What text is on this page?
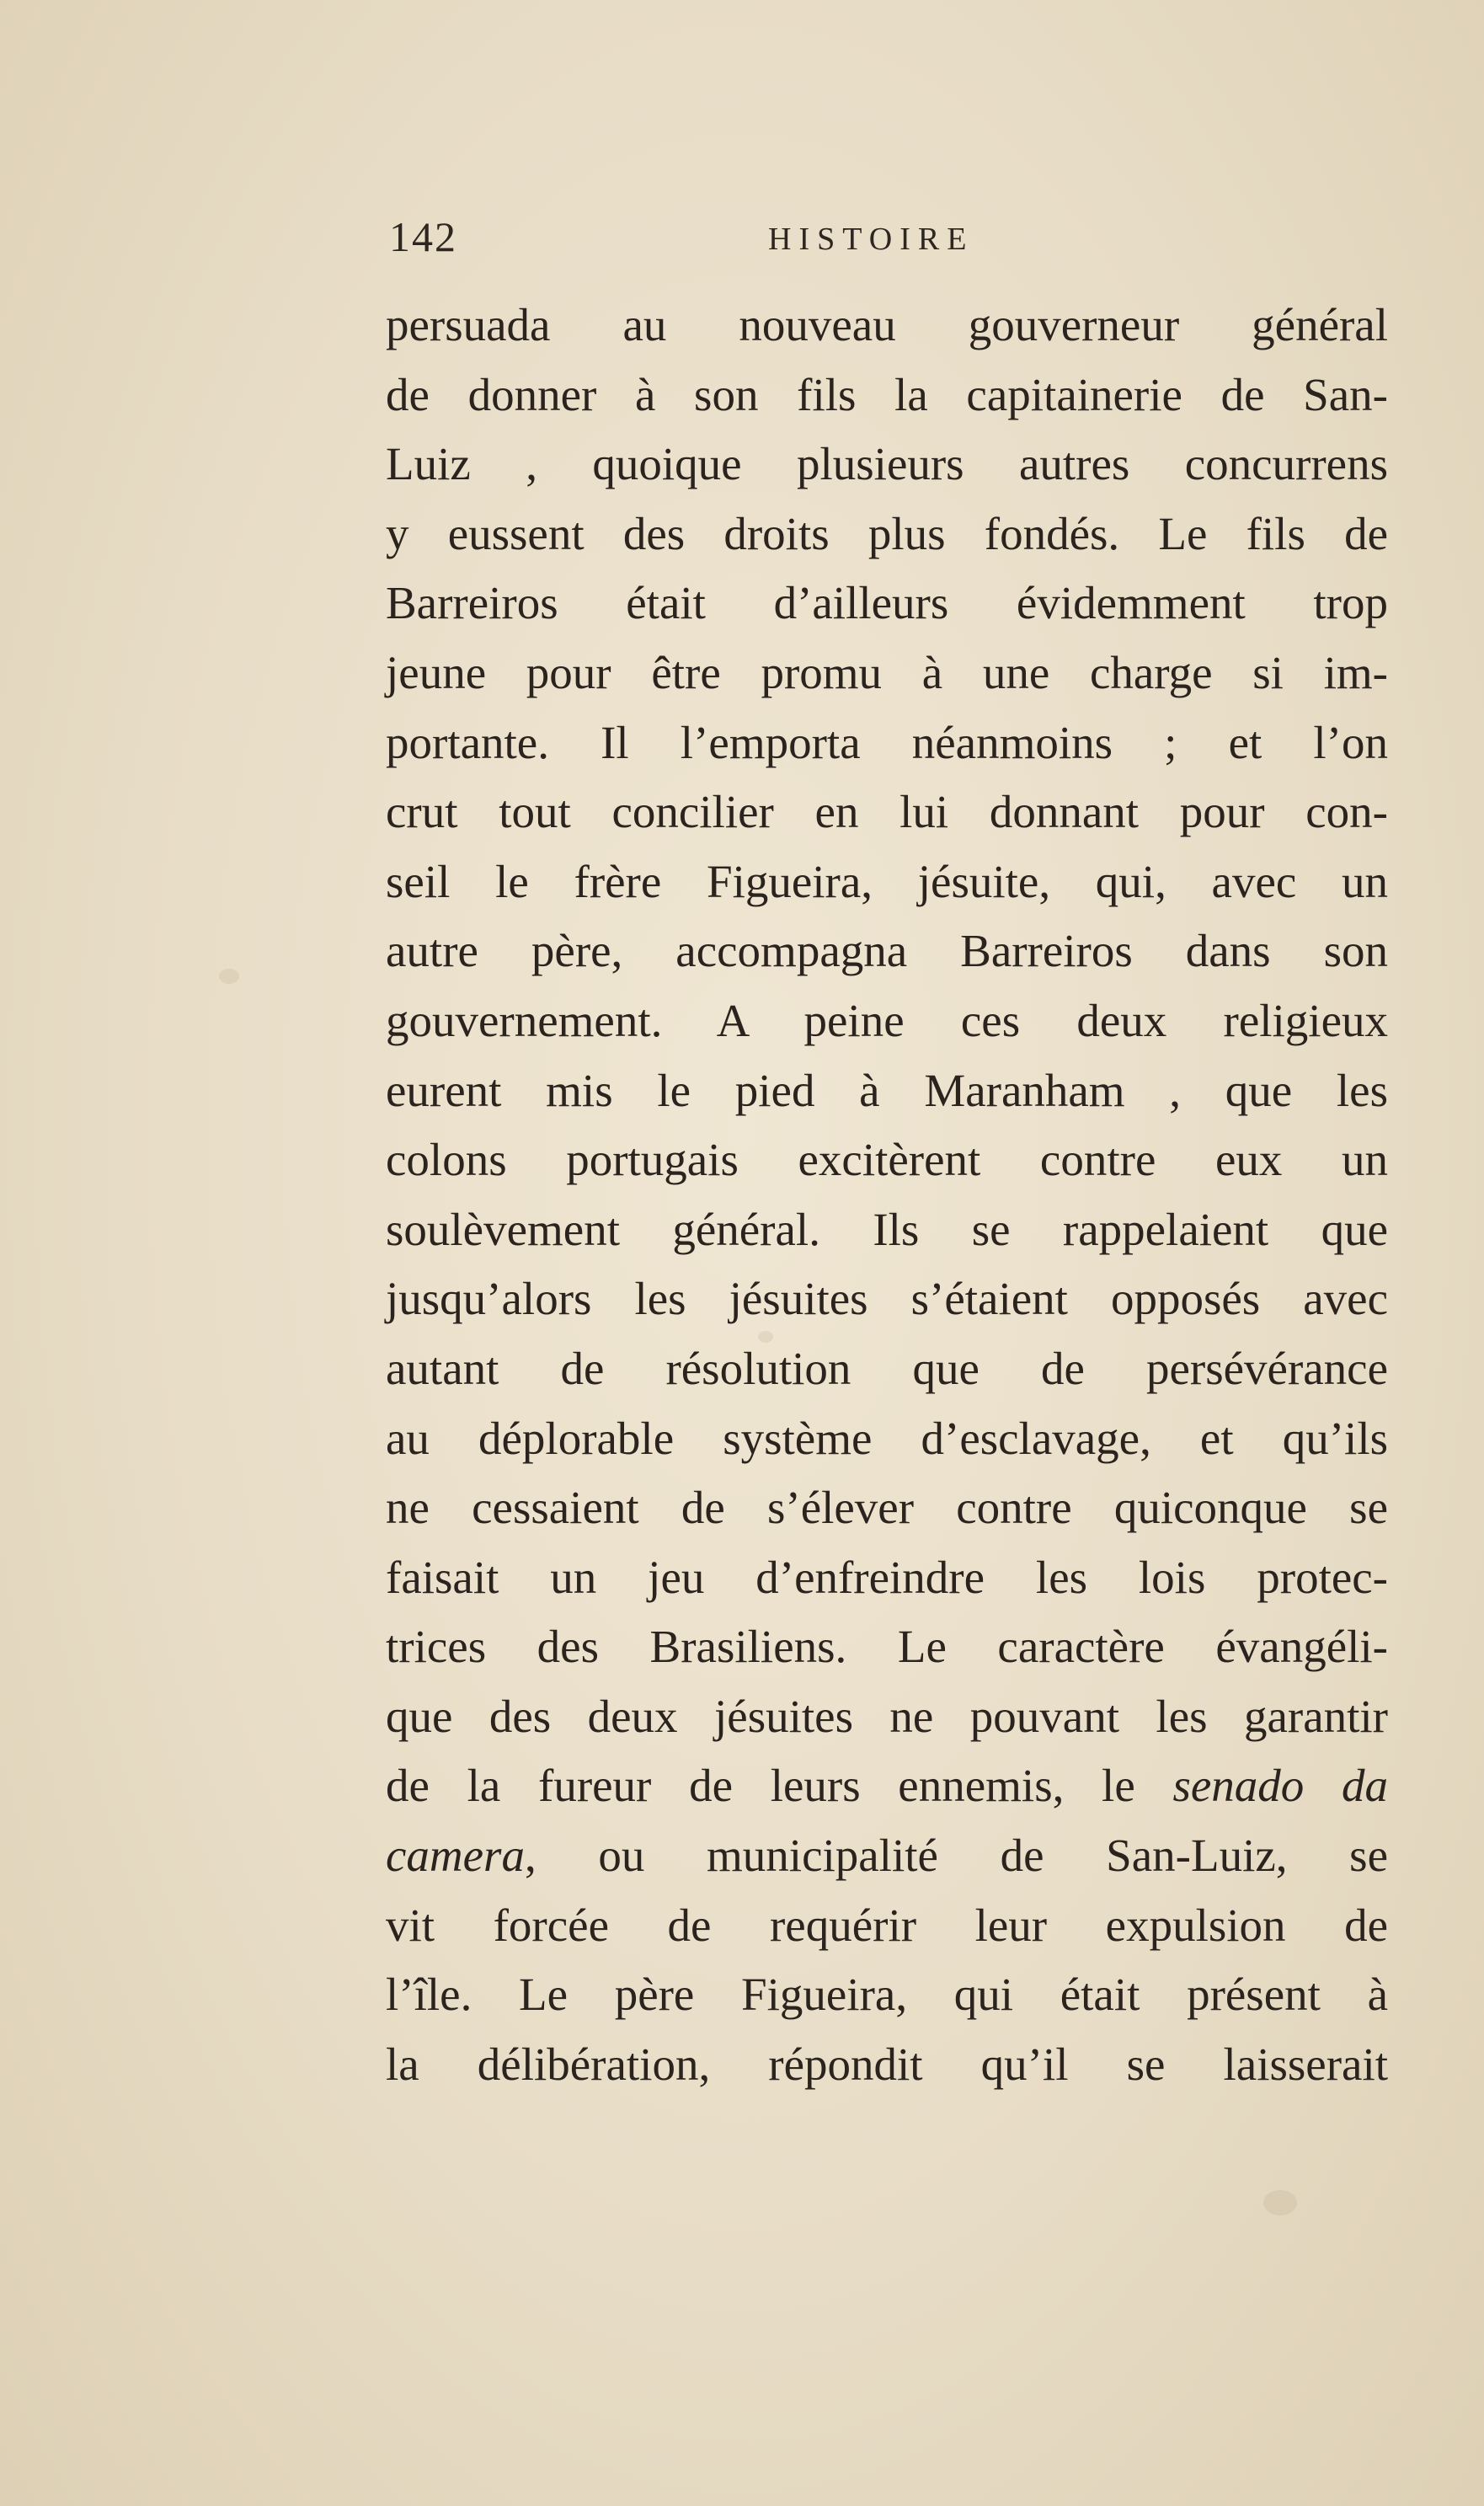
142	HISTOIRE
persuada au nouveau gouverneur général
de donner à son fils la capitainerie de San-
Luiz , quoique plusieurs autres concurrens
y eussent des droits plus fondés. Le fils de
Barreiros était d’ailleurs évidemment trop
jeune pour être promu à une charge si im-
portante. Il l’emporta néanmoins ; et l’on
crut tout concilier en lui donnant pour con-
seil le frère Figueira, jésuite, qui, avec un
autre père, accompagna Barreiros dans son
gouvernement. A peine ces deux religieux
eurent mis le pied à Maranham , que les
colons portugais excitèrent contre eux un
soulèvement général. Ils se rappelaient que
jusqu’alors les jésuites s’étaient opposés avec
autant de résolution que de persévérance
au déplorable système d’esclavage, et qu’ils
ne cessaient de s’élever contre quiconque se
faisait un jeu d’enfreindre les lois protec-
trices des Brasiliens. Le caractère évangéli-
que des deux jésuites ne pouvant les garantir
de la fureur de leurs ennemis, le senado da
camera, ou municipalité de San-Luiz, se
vit forcée de requérir leur expulsion de
l’île. Le père Figueira, qui était présent à
la délibération, répondit qu’il se laisserait
